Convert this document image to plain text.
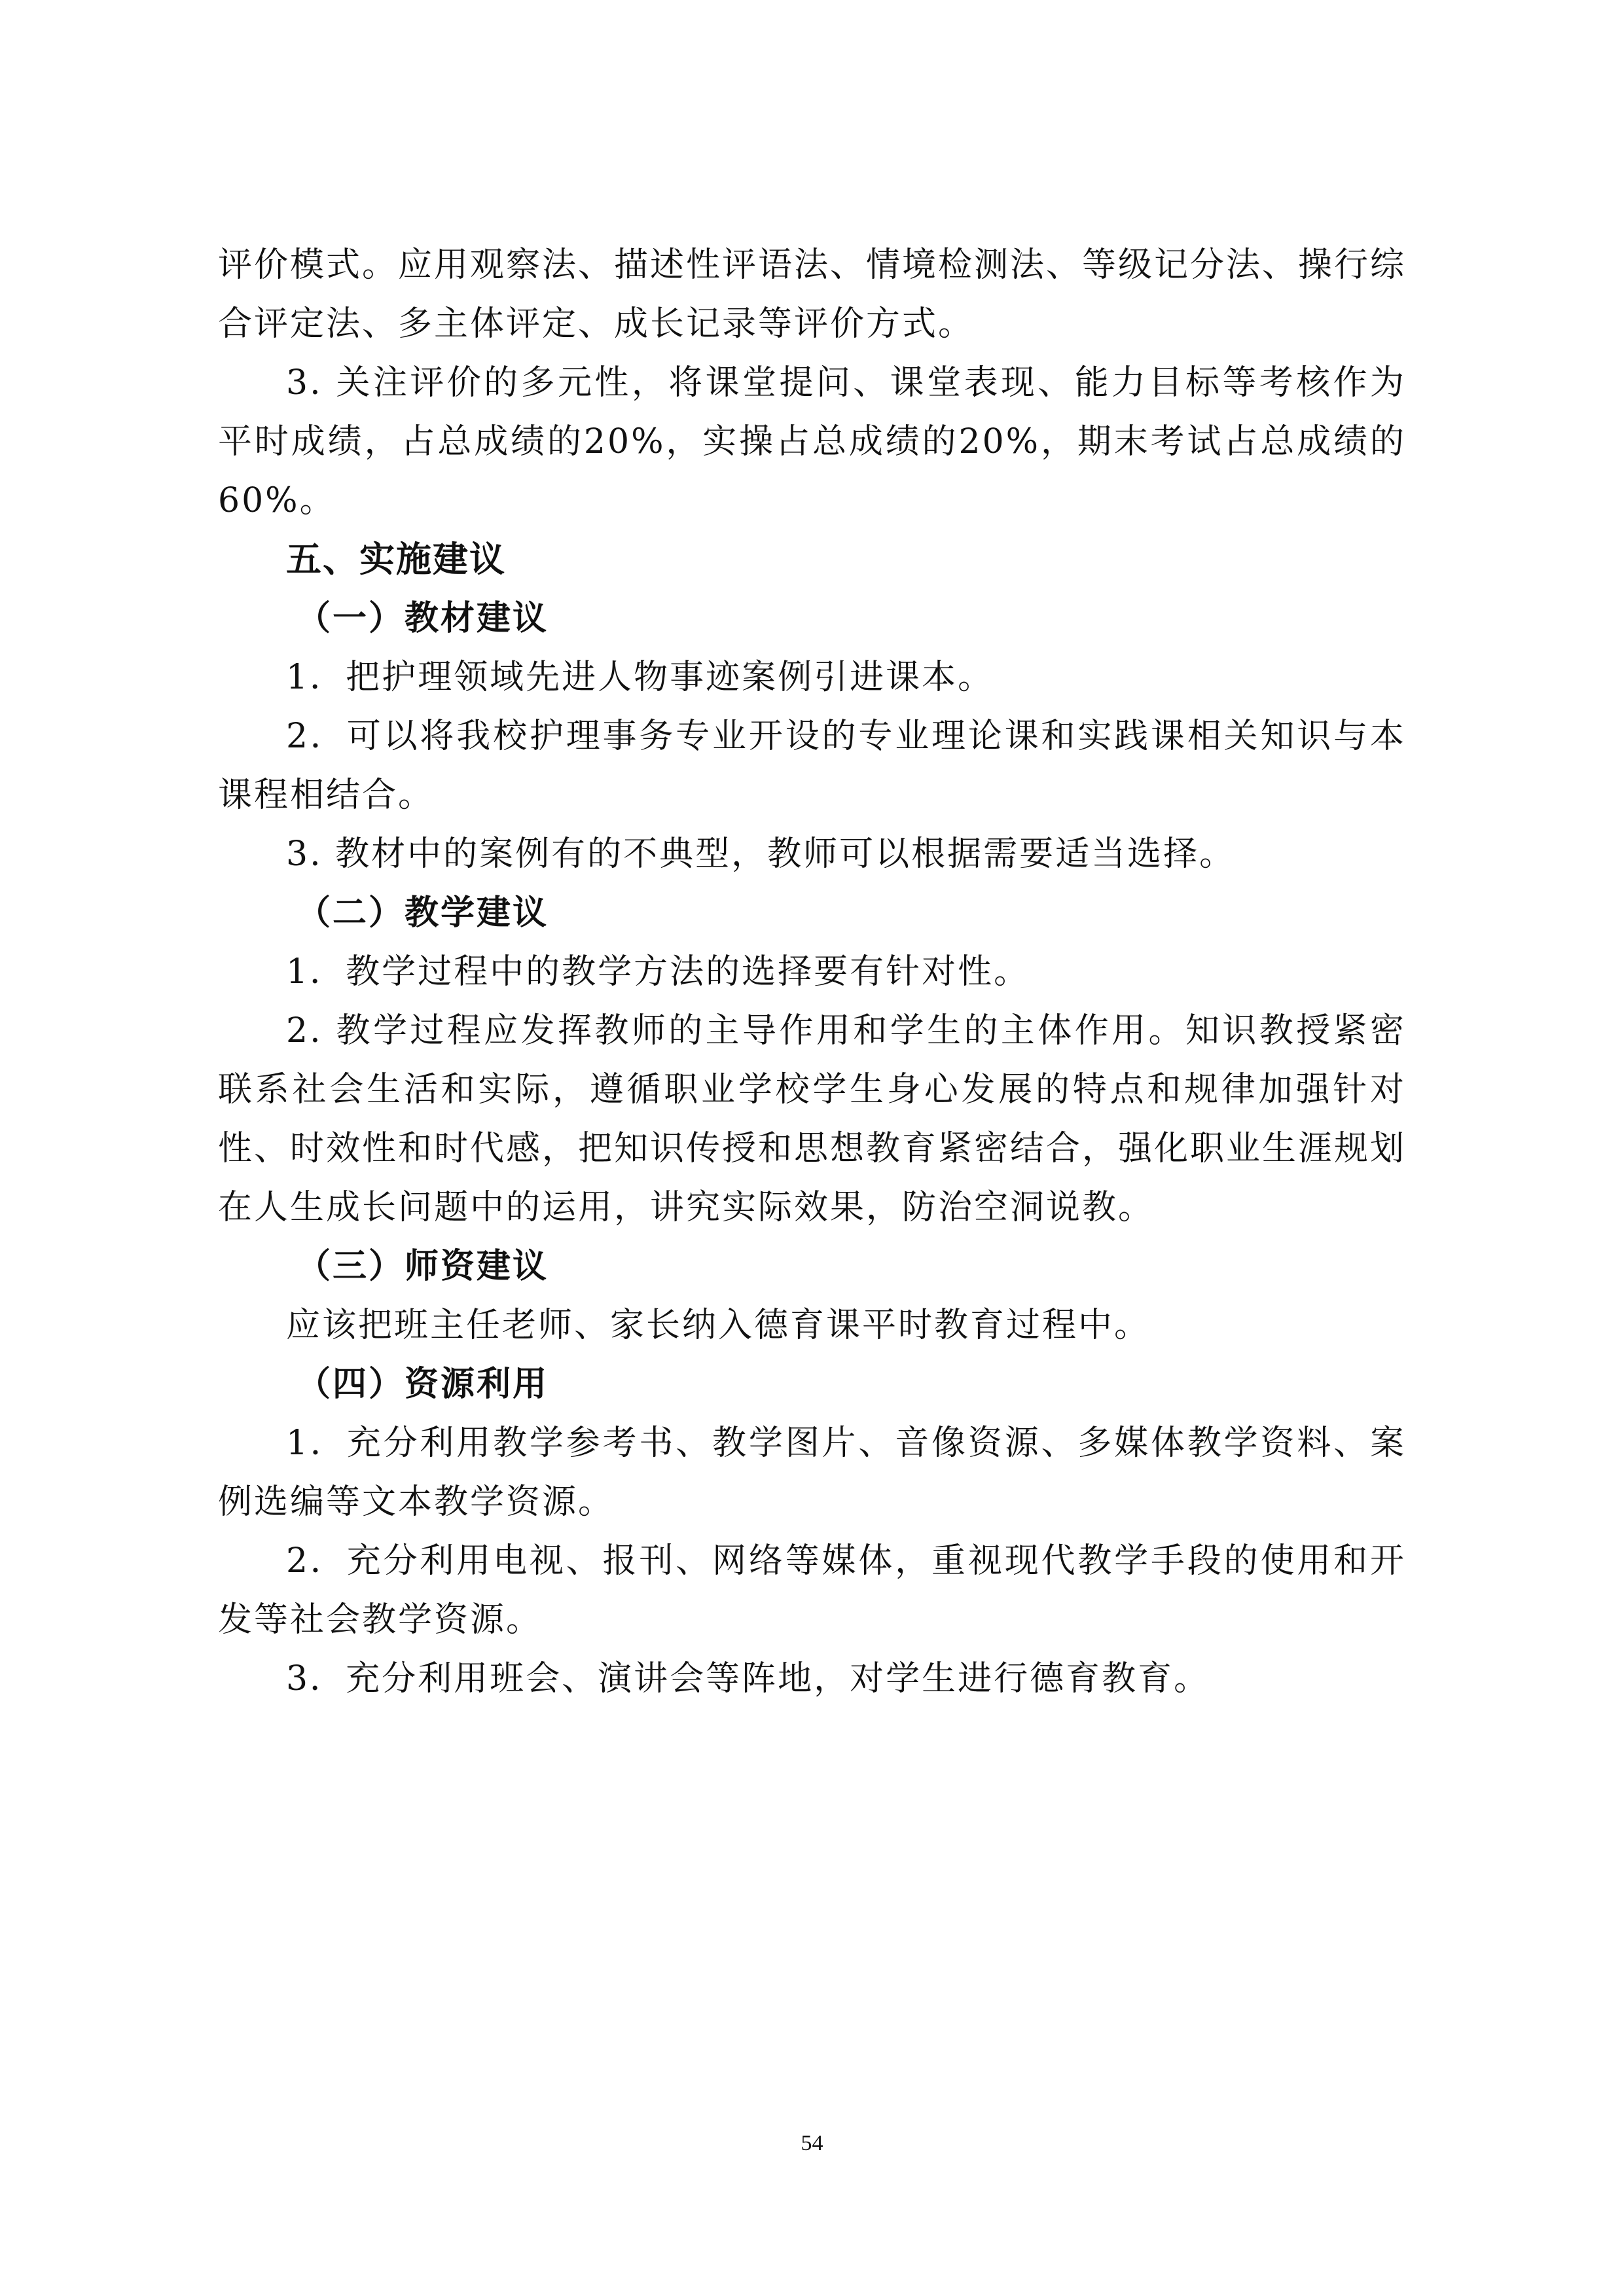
评价模式。应用观察法、描述性评语法、情境检测法、等级记分法、操行综合评定法、多主体评定、成长记录等评价方式。

3. 关注评价的多元性，将课堂提问、课堂表现、能力目标等考核作为平时成绩，占总成绩的20%，实操占总成绩的20%，期末考试占总成绩的60%。

五、实施建议
（一）教材建议

1．把护理领域先进人物事迹案例引进课本。

2．可以将我校护理事务专业开设的专业理论课和实践课相关知识与本课程相结合。

3. 教材中的案例有的不典型，教师可以根据需要适当选择。

（二）教学建议

1．教学过程中的教学方法的选择要有针对性。

2. 教学过程应发挥教师的主导作用和学生的主体作用。知识教授紧密联系社会生活和实际，遵循职业学校学生身心发展的特点和规律加强针对性、时效性和时代感，把知识传授和思想教育紧密结合，强化职业生涯规划在人生成长问题中的运用，讲究实际效果，防治空洞说教。

（三）师资建议

应该把班主任老师、家长纳入德育课平时教育过程中。

（四）资源利用

1．充分利用教学参考书、教学图片、音像资源、多媒体教学资料、案例选编等文本教学资源。

2．充分利用电视、报刊、网络等媒体，重视现代教学手段的使用和开发等社会教学资源。

3．充分利用班会、演讲会等阵地，对学生进行德育教育。

54
